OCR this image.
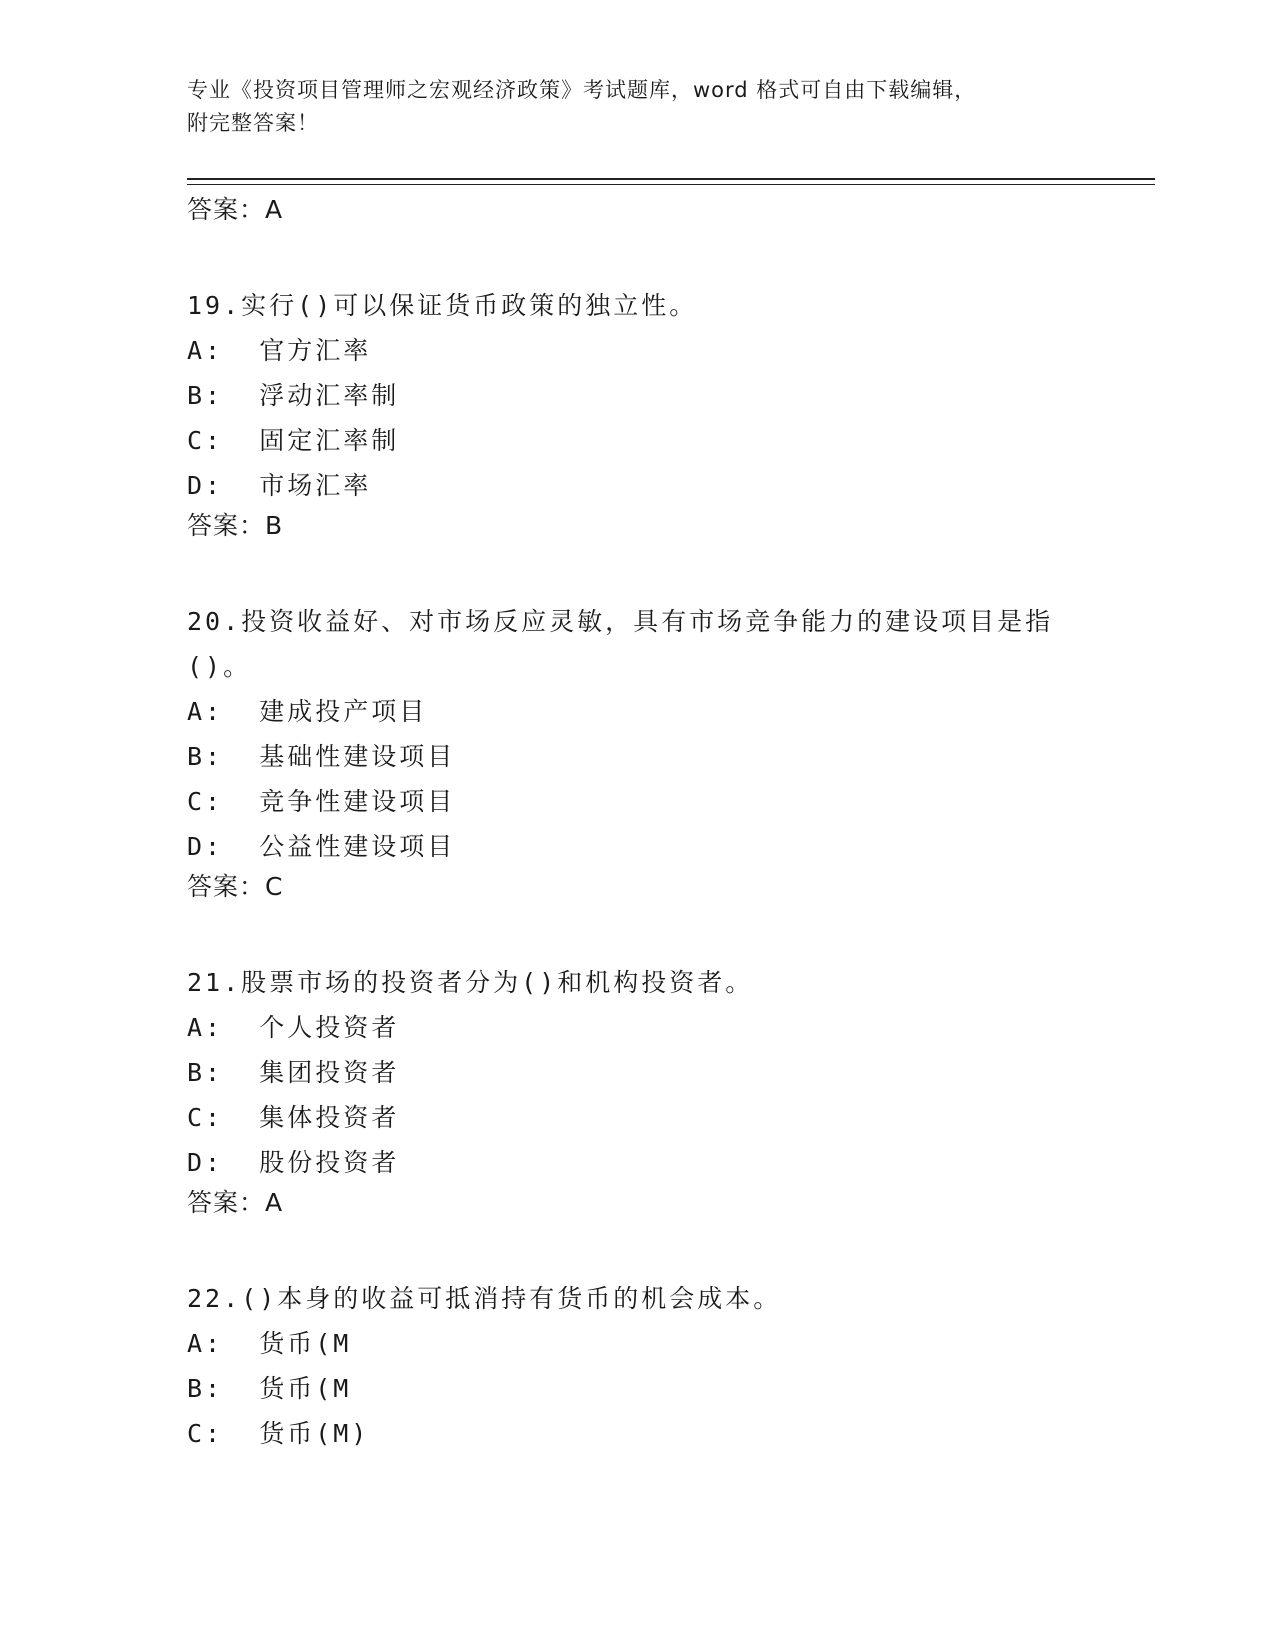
专业《投资项目管理师之宏观经济政策》考试题库，word 格式可自由下载编辑，
附完整答案！

答案：A

19.实行()可以保证货币政策的独立性。

A:  官方汇率

B:  浮动汇率制

C:  固定汇率制

D:  市场汇率

答案：B

20.投资收益好、对市场反应灵敏，具有市场竞争能力的建设项目是指()。

A:  建成投产项目

B:  基础性建设项目

C:  竞争性建设项目

D:  公益性建设项目

答案：C

21.股票市场的投资者分为()和机构投资者。

A:  个人投资者

B:  集团投资者

C:  集体投资者

D:  股份投资者

答案：A

22.()本身的收益可抵消持有货币的机会成本。

A:  货币(M

B:  货币(M

C:  货币(M)
